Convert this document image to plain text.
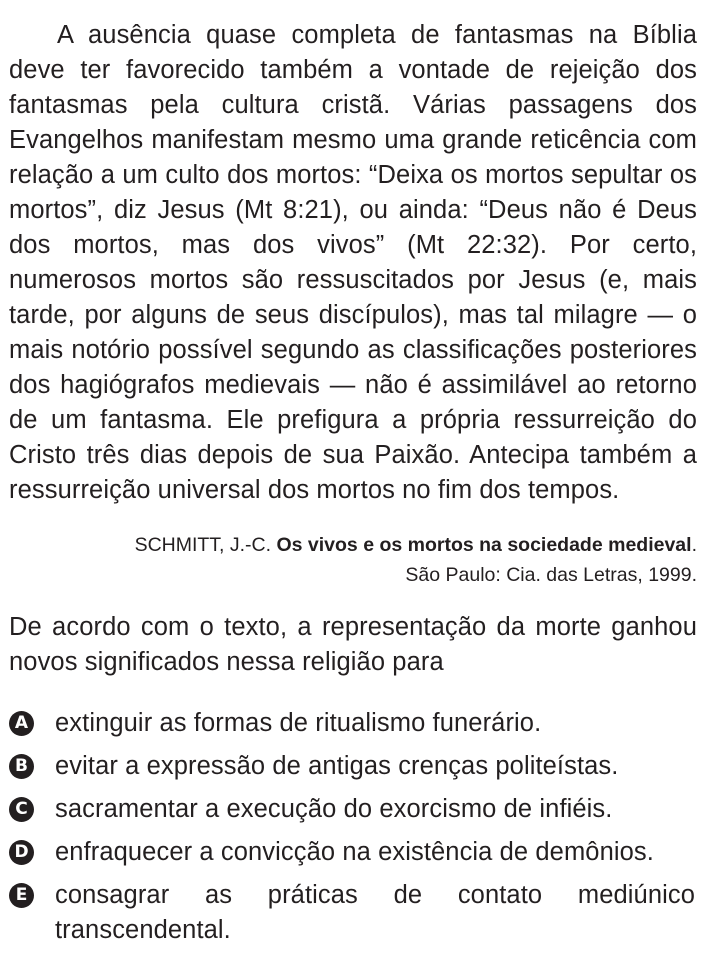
A ausência quase completa de fantasmas na Bíblia deve ter favorecido também a vontade de rejeição dos fantasmas pela cultura cristã. Várias passagens dos Evangelhos manifestam mesmo uma grande reticência com relação a um culto dos mortos: “Deixa os mortos sepultar os mortos”, diz Jesus (Mt 8:21), ou ainda: “Deus não é Deus dos mortos, mas dos vivos” (Mt 22:32). Por certo, numerosos mortos são ressuscitados por Jesus (e, mais tarde, por alguns de seus discípulos), mas tal milagre — o mais notório possível segundo as classificações posteriores dos hagiógrafos medievais — não é assimilável ao retorno de um fantasma. Ele prefigura a própria ressurreição do Cristo três dias depois de sua Paixão. Antecipa também a ressurreição universal dos mortos no fim dos tempos.

SCHMITT, J.-C. Os vivos e os mortos na sociedade medieval.
São Paulo: Cia. das Letras, 1999.

De acordo com o texto, a representação da morte ganhou novos significados nessa religião para

A extinguir as formas de ritualismo funerário.
B evitar a expressão de antigas crenças politeístas.
C sacramentar a execução do exorcismo de infiéis.
D enfraquecer a convicção na existência de demônios.
E consagrar as práticas de contato mediúnico transcendental.
